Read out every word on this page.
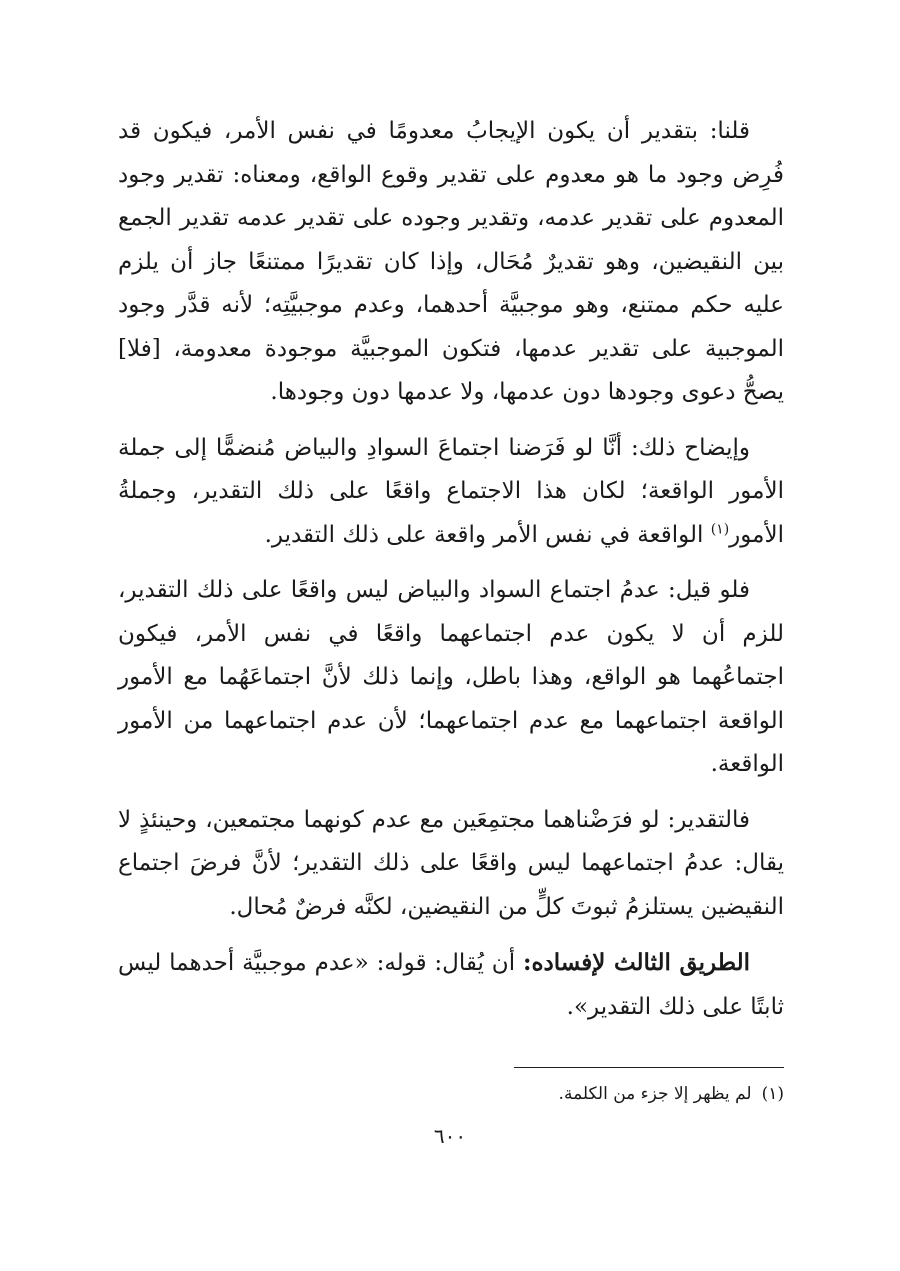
قلنا: بتقدير أن يكون الإيجابُ معدومًا في نفس الأمر، فيكون قد فُرِض وجود ما هو معدوم على تقدير وقوع الواقع، ومعناه: تقدير وجود المعدوم على تقدير عدمه، وتقدير وجوده على تقدير عدمه تقدير الجمع بين النقيضين، وهو تقديرٌ مُحَال، وإذا كان تقديرًا ممتنعًا جاز أن يلزم عليه حكم ممتنع، وهو موجبيَّة أحدهما، وعدم موجبيَّتِه؛ لأنه قدَّر وجود الموجبية على تقدير عدمها، فتكون الموجبيَّة موجودة معدومة، [فلا] يصحُّ دعوى وجودها دون عدمها، ولا عدمها دون وجودها.

وإيضاح ذلك: أنَّا لو فَرَضنا اجتماعَ السوادِ والبياض مُنضمًّا إلى جملة الأمور الواقعة؛ لكان هذا الاجتماع واقعًا على ذلك التقدير، وجملةُ الأمور$^{(١)}$ الواقعة في نفس الأمر واقعة على ذلك التقدير.

فلو قيل: عدمُ اجتماع السواد والبياض ليس واقعًا على ذلك التقدير، للزم أن لا يكون عدم اجتماعهما واقعًا في نفس الأمر، فيكون اجتماعُهما هو الواقع، وهذا باطل، وإنما ذلك لأنَّ اجتماعَهُما مع الأمور الواقعة اجتماعهما مع عدم اجتماعهما؛ لأن عدم اجتماعهما من الأمور الواقعة.

فالتقدير: لو فرَضْناهما مجتمِعَين مع عدم كونهما مجتمعين، وحينئذٍ لا يقال: عدمُ اجتماعهما ليس واقعًا على ذلك التقدير؛ لأنَّ فرضَ اجتماع النقيضين يستلزمُ ثبوتَ كلٍّ من النقيضين، لكنَّه فرضٌ مُحال.

الطريق الثالث لإفساده: أن يُقال: قوله: «عدم موجبيَّة أحدهما ليس ثابتًا على ذلك التقدير».

(١)لم يظهر إلا جزء من الكلمة.
٦٠٠
